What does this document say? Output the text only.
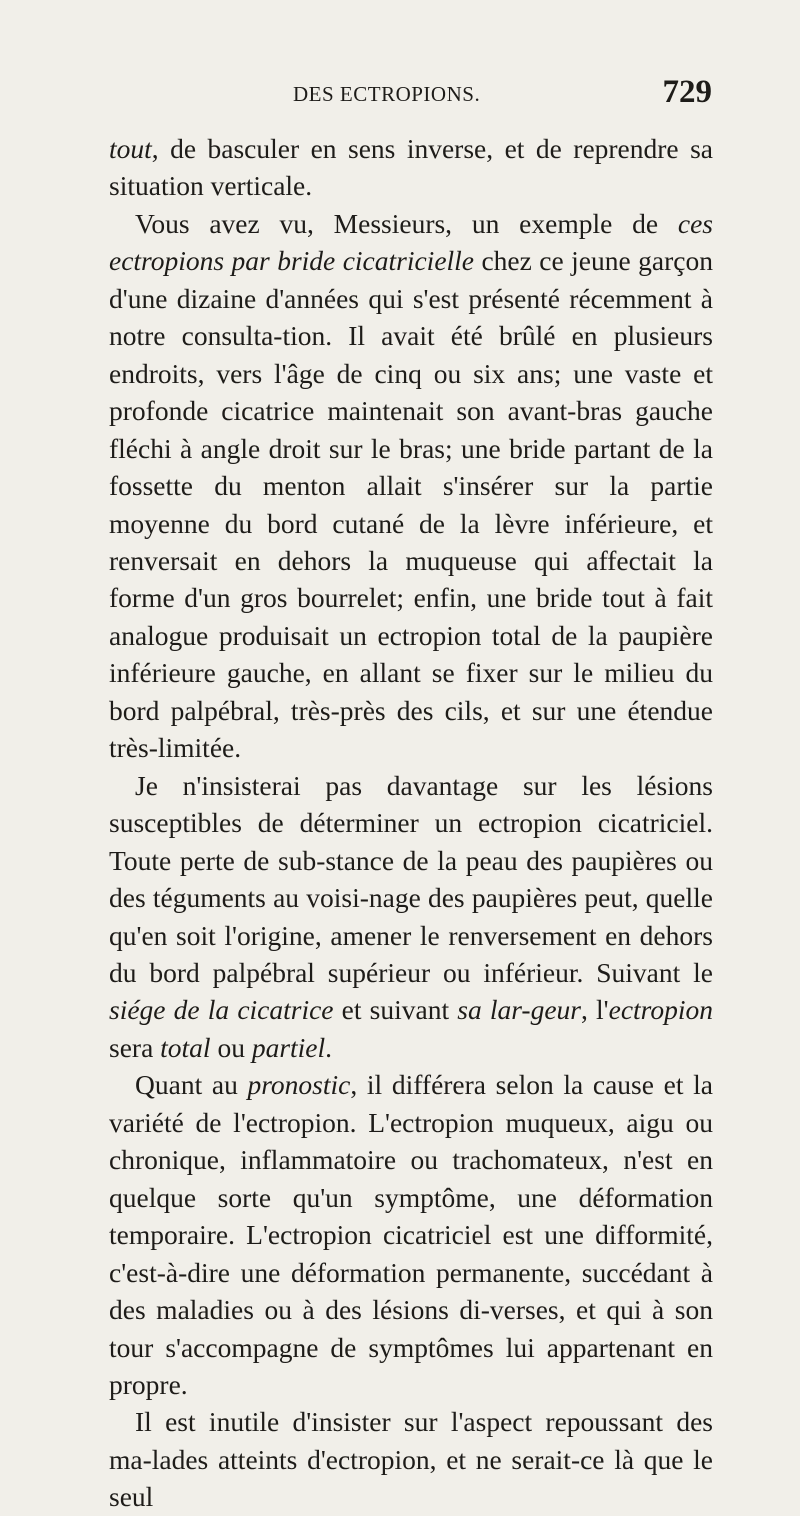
DES ECTROPIONS.	729

tout, de basculer en sens inverse, et de reprendre sa situation verticale.

Vous avez vu, Messieurs, un exemple de ces ectropions par bride cicatricielle chez ce jeune garçon d'une dizaine d'années qui s'est présenté récemment à notre consulta-tion. Il avait été brûlé en plusieurs endroits, vers l'âge de cinq ou six ans; une vaste et profonde cicatrice maintenait son avant-bras gauche fléchi à angle droit sur le bras; une bride partant de la fossette du menton allait s'insérer sur la partie moyenne du bord cutané de la lèvre inférieure, et renversait en dehors la muqueuse qui affectait la forme d'un gros bourrelet; enfin, une bride tout à fait analogue produisait un ectropion total de la paupière inférieure gauche, en allant se fixer sur le milieu du bord palpébral, très-près des cils, et sur une étendue très-limitée.

Je n'insisterai pas davantage sur les lésions susceptibles de déterminer un ectropion cicatriciel. Toute perte de sub-stance de la peau des paupières ou des téguments au voisi-nage des paupières peut, quelle qu'en soit l'origine, amener le renversement en dehors du bord palpébral supérieur ou inférieur. Suivant le siége de la cicatrice et suivant sa lar-geur, l'ectropion sera total ou partiel.

Quant au pronostic, il différera selon la cause et la variété de l'ectropion. L'ectropion muqueux, aigu ou chronique, inflammatoire ou trachomateux, n'est en quelque sorte qu'un symptôme, une déformation temporaire. L'ectropion cicatriciel est une difformité, c'est-à-dire une déformation permanente, succédant à des maladies ou à des lésions di-verses, et qui à son tour s'accompagne de symptômes lui appartenant en propre.

Il est inutile d'insister sur l'aspect repoussant des ma-lades atteints d'ectropion, et ne serait-ce là que le seul
